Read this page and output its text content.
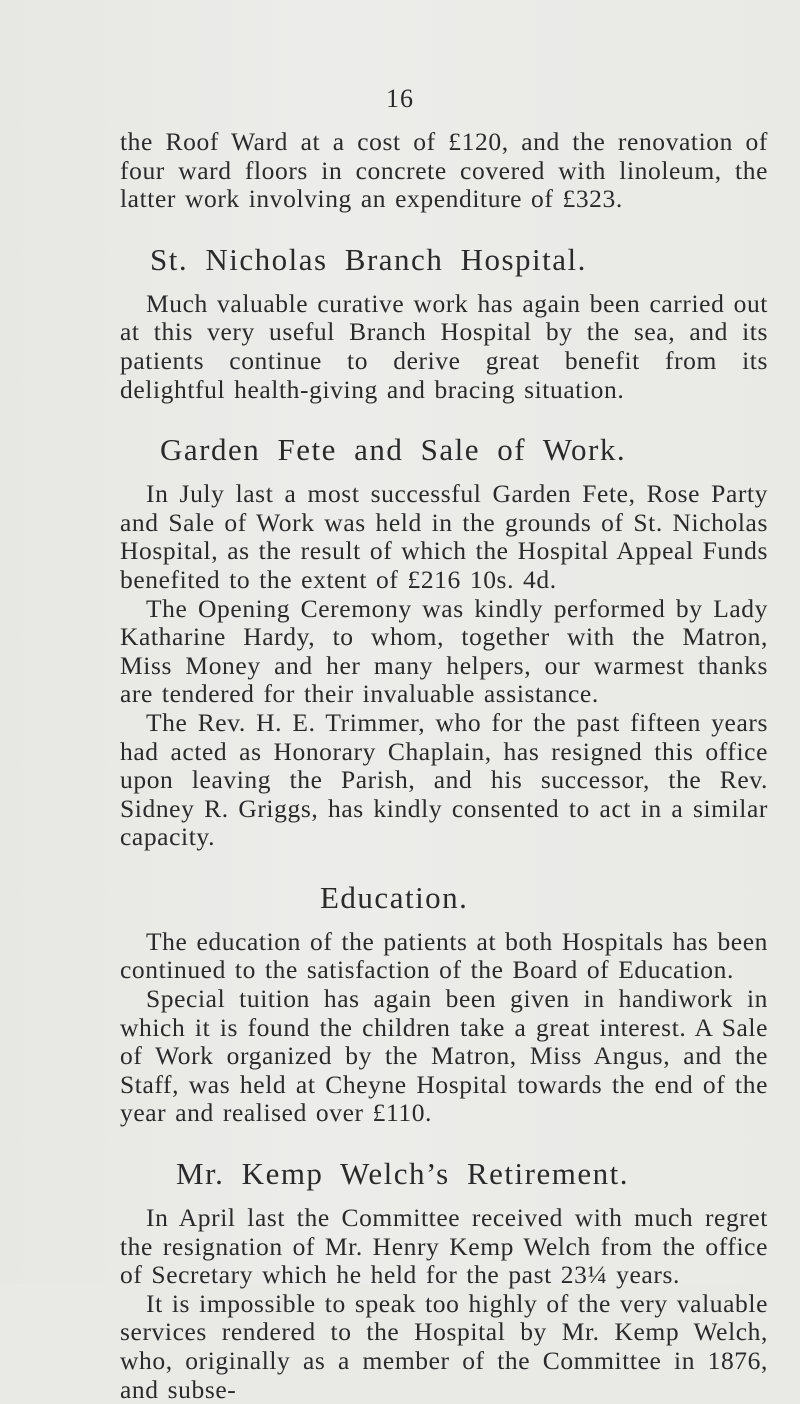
16

the Roof Ward at a cost of £120, and the renovation of four ward floors in concrete covered with linoleum, the latter work involving an expenditure of £323.

St. Nicholas Branch Hospital.

Much valuable curative work has again been carried out at this very useful Branch Hospital by the sea, and its patients continue to derive great benefit from its delightful health-giving and bracing situation.

Garden Fete and Sale of Work.

In July last a most successful Garden Fete, Rose Party and Sale of Work was held in the grounds of St. Nicholas Hospital, as the result of which the Hospital Appeal Funds benefited to the extent of £216 10s. 4d.

The Opening Ceremony was kindly performed by Lady Katharine Hardy, to whom, together with the Matron, Miss Money and her many helpers, our warmest thanks are tendered for their invaluable assistance.

The Rev. H. E. Trimmer, who for the past fifteen years had acted as Honorary Chaplain, has resigned this office upon leaving the Parish, and his successor, the Rev. Sidney R. Griggs, has kindly consented to act in a similar capacity.

Education.

The education of the patients at both Hospitals has been continued to the satisfaction of the Board of Education.

Special tuition has again been given in handiwork in which it is found the children take a great interest. A Sale of Work organized by the Matron, Miss Angus, and the Staff, was held at Cheyne Hospital towards the end of the year and realised over £110.

Mr. Kemp Welch’s Retirement.

In April last the Committee received with much regret the resignation of Mr. Henry Kemp Welch from the office of Secretary which he held for the past 23¼ years.

It is impossible to speak too highly of the very valuable services rendered to the Hospital by Mr. Kemp Welch, who, originally as a member of the Committee in 1876, and subse-
